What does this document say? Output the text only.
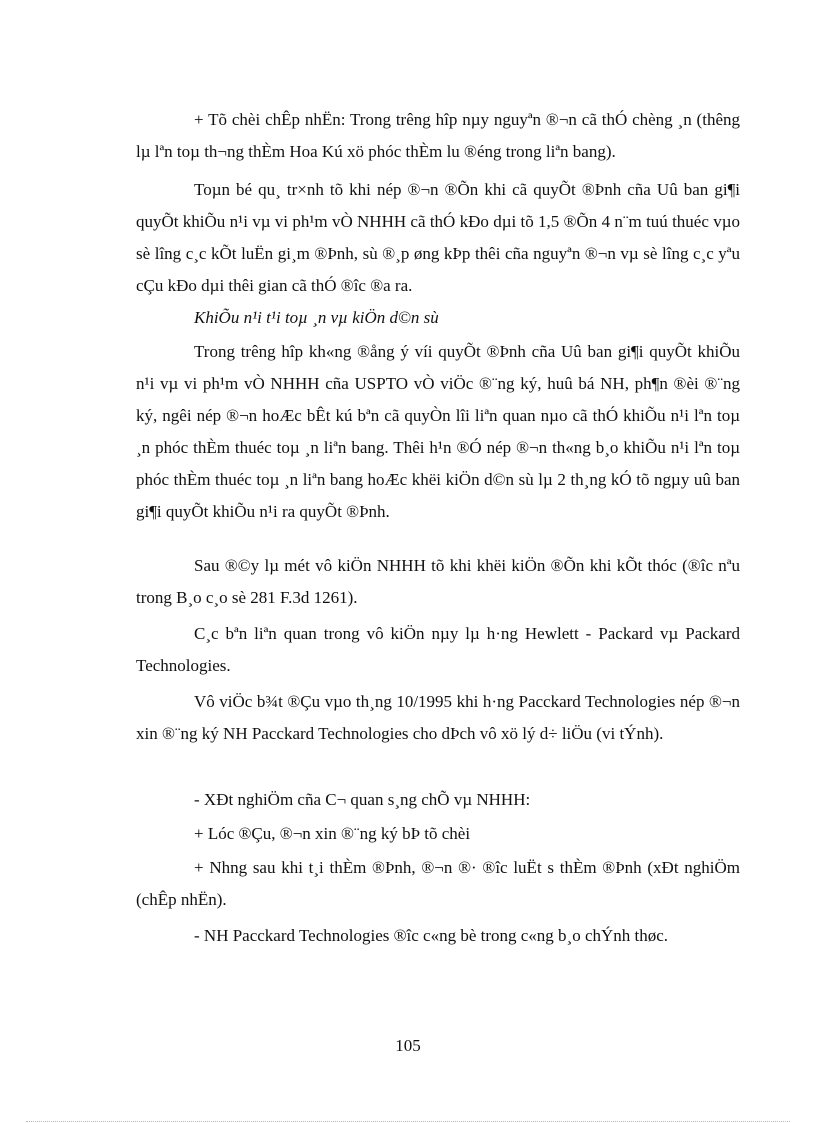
+ Tõ chèi chÊp nhËn: Trong trêng hîp nµy nguyªn ®¬n cã thÓ chèng ¸n (thêng lµ lªn toµ th¬ng thÈm Hoa Kú xö phóc thÈm lu ®éng trong liªn bang).

Toµn bé qu¸ tr×nh tõ khi nép ®¬n ®Õn khi cã quyÕt ®Þnh cña Uû ban gi¶i quyÕt khiÕu n¹i vµ vi ph¹m vÒ NHHH cã thÓ kÐo dµi tõ 1,5 ®Õn 4 n¨m tuú thuéc vµo sè lîng c¸c kÕt luËn gi¸m ®Þnh, sù ®¸p øng kÞp thêi cña nguyªn ®¬n vµ sè lîng c¸c yªu cÇu kÐo dµi thêi gian cã thÓ ®îc ®a ra.

KhiÕu n¹i t¹i toµ ¸n vµ kiÖn d©n sù

Trong trêng hîp kh«ng ®ång ý víi quyÕt ®Þnh cña Uû ban gi¶i quyÕt khiÕu n¹i vµ vi ph¹m vÒ NHHH cña USPTO vÒ viÖc ®¨ng ký, huû bá NH, ph¶n ®èi ®¨ng ký, ngêi nép ®¬n hoÆc bÊt kú bªn cã quyÒn lîi liªn quan nµo cã thÓ khiÕu n¹i lªn toµ ¸n phóc thÈm thuéc toµ ¸n liªn bang. Thêi h¹n ®Ó nép ®¬n th«ng b¸o khiÕu n¹i lªn toµ phóc thÈm thuéc toµ ¸n liªn bang hoÆc khëi kiÖn d©n sù lµ 2 th¸ng kÓ tõ ngµy uû ban gi¶i quyÕt khiÕu n¹i ra quyÕt ®Þnh.

Sau ®©y lµ mét vô kiÖn NHHH tõ khi khëi kiÖn ®Õn khi kÕt thóc (®îc nªu trong B¸o c¸o sè 281 F.3d 1261).

C¸c bªn liªn quan trong vô kiÖn nµy lµ h·ng Hewlett - Packard vµ Packard Technologies.

Vô viÖc b¾t ®Çu vµo th¸ng 10/1995 khi h·ng Pacckard Technologies nép ®¬n xin ®¨ng ký NH Pacckard Technologies cho dÞch vô xö lý d÷ liÖu (vi tÝnh).

- XÐt nghiÖm cña C¬ quan s¸ng chÕ vµ NHHH:

+ Lóc ®Çu, ®¬n xin ®¨ng ký bÞ tõ chèi

+ Nhng sau khi t¸i thÈm ®Þnh, ®¬n ®· ®îc luËt s thÈm ®Þnh (xÐt nghiÖm (chÊp nhËn).

- NH Pacckard Technologies ®îc c«ng bè trong c«ng b¸o chÝnh thøc.

105
